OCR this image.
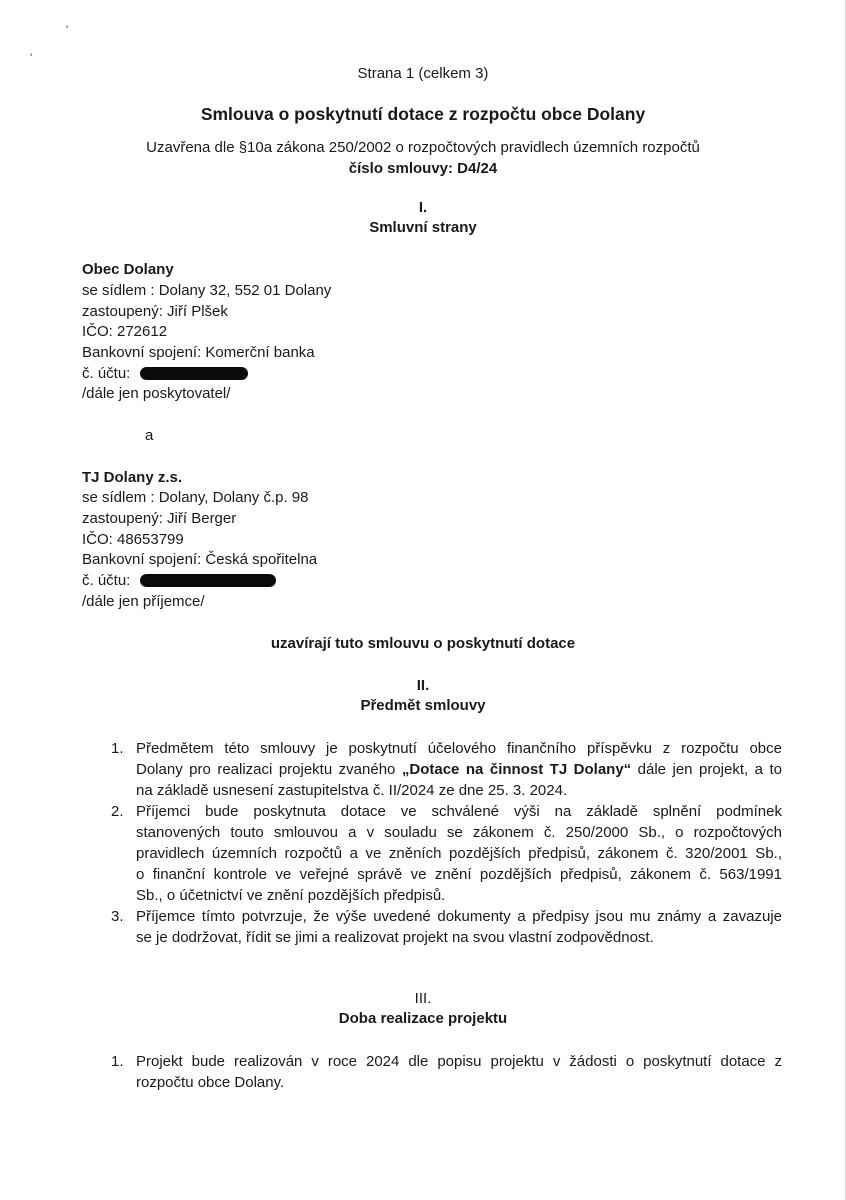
'
'
Strana 1 (celkem 3)
Smlouva o poskytnutí dotace z rozpočtu obce Dolany
Uzavřena dle §10a zákona 250/2002 o rozpočtových pravidlech územních rozpočtů
číslo smlouvy: D4/24
I.
Smluvní strany
Obec Dolany
se sídlem : Dolany 32, 552 01 Dolany
zastoupený: Jiří Plšek
IČO: 272612
Bankovní spojení: Komerční banka
č. účtu:
/dále jen poskytovatel/
a
TJ Dolany z.s.
se sídlem : Dolany, Dolany č.p. 98
zastoupený: Jiří Berger
IČO: 48653799
Bankovní spojení: Česká spořitelna
č. účtu:
/dále jen příjemce/
uzavírají tuto smlouvu o poskytnutí dotace
II.
Předmět smlouvy
1. Předmětem této smlouvy je poskytnutí účelového finančního příspěvku z rozpočtu obce
Dolany pro realizaci projektu zvaného „Dotace na činnost TJ Dolany“ dále jen projekt, a to
na základě usnesení zastupitelstva č. II/2024 ze dne 25. 3. 2024.
2. Příjemci bude poskytnuta dotace ve schválené výši na základě splnění podmínek
stanovených touto smlouvou a v souladu se zákonem č. 250/2000 Sb., o rozpočtových
pravidlech územních rozpočtů a ve zněních pozdějších předpisů, zákonem č. 320/2001 Sb.,
o finanční kontrole ve veřejné správě ve znění pozdějších předpisů, zákonem č. 563/1991
Sb., o účetnictví ve znění pozdějších předpisů.
3. Příjemce tímto potvrzuje, že výše uvedené dokumenty a předpisy jsou mu známy a zavazuje
se je dodržovat, řídit se jimi a realizovat projekt na svou vlastní zodpovědnost.
III.
Doba realizace projektu
1. Projekt bude realizován v roce 2024 dle popisu projektu v žádosti o poskytnutí dotace z
rozpočtu obce Dolany.
